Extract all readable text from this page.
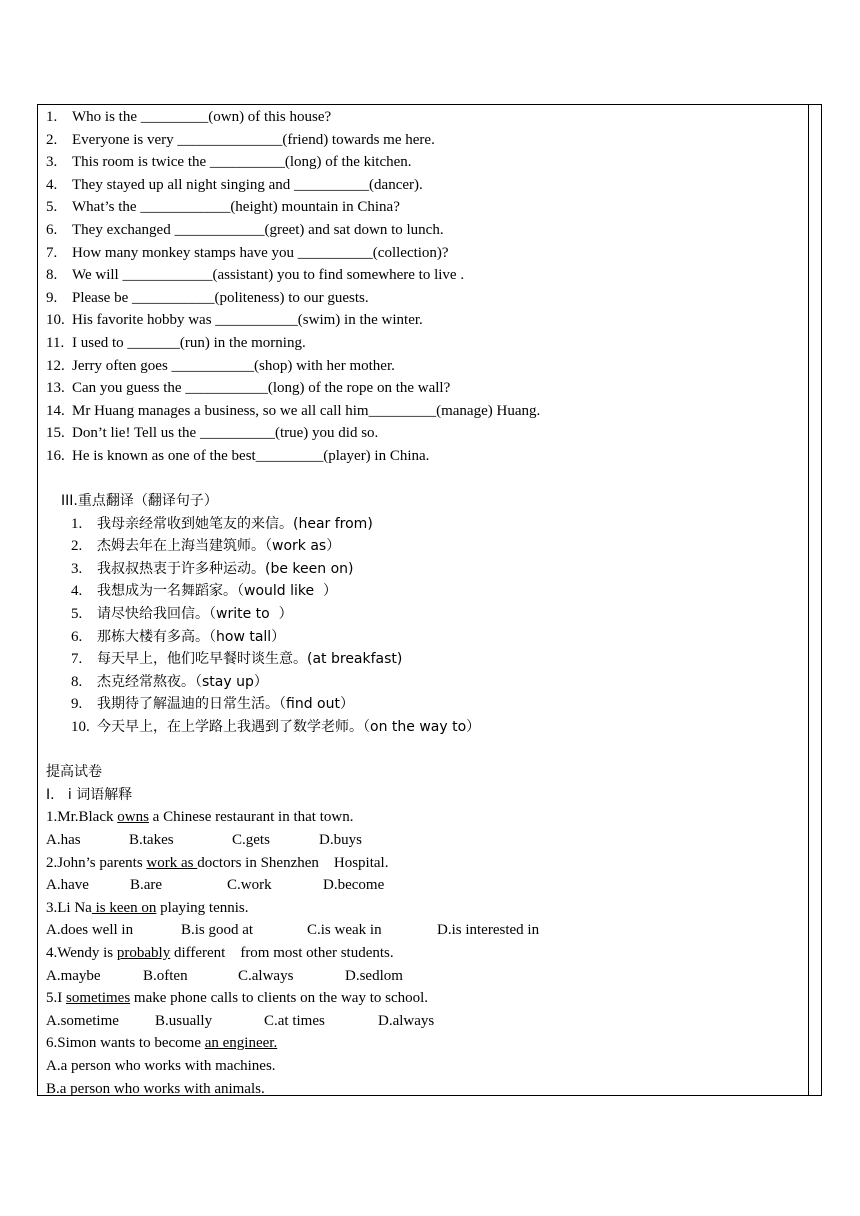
1. Who is the _________(own) of this house?
2. Everyone is very ______________(friend) towards me here.
3. This room is twice the __________(long) of the kitchen.
4. They stayed up all night singing and __________(dancer).
5. What’s the ____________(height) mountain in China?
6. They exchanged ____________(greet) and sat down to lunch.
7. How many monkey stamps have you __________(collection)?
8. We will ____________(assistant) you to find somewhere to live .
9. Please be ___________(politeness) to our guests.
10. His favorite hobby was ___________(swim) in the winter.
11. I used to _______(run) in the morning.
12. Jerry often goes ___________(shop) with her mother.
13. Can you guess the ___________(long) of the rope on the wall?
14. Mr Huang manages a business, so we all call him_________(manage) Huang.
15. Don’t lie! Tell us the __________(true) you did so.
16. He is known as one of the best_________(player) in China.
III.重点翻译（翻译句子）
1. 我母亲经常收到她笔友的来信。(hear from)
2. 杰姆去年在上海当建筑师。（work as）
3. 我叔叔热衷于许多种运动。(be keen on)
4. 我想成为一名舞蹈家。（would like  ）
5. 请尽快给我回信。（write to  ）
6. 那栋大楼有多高。（how tall）
7. 每天早上，他们吃早餐时谈生意。(at breakfast)
8. 杰克经常熬夜。（stay up）
9. 我期待了解温迪的日常生活。（find out）
10. 今天早上，在上学路上我遇到了数学老师。（on the way to）
提高试卷
I.   i 词语解释
1.Mr.Black owns a Chinese restaurant in that town.
A.has	B.takes	C.gets	D.buys
2.John’s parents work as doctors in Shenzhen    Hospital.
A.have	B.are	C.work	D.become
3.Li Na is keen on playing tennis.
A.does well in	B.is good at	C.is weak in	D.is interested in
4.Wendy is probably different    from most other students.
A.maybe	B.often	C.always	D.sedlom
5.I sometimes make phone calls to clients on the way to school.
A.sometime B.usually	C.at times	D.always
6.Simon wants to become an engineer.
A.a person who works with machines.
B.a person who works with animals.
